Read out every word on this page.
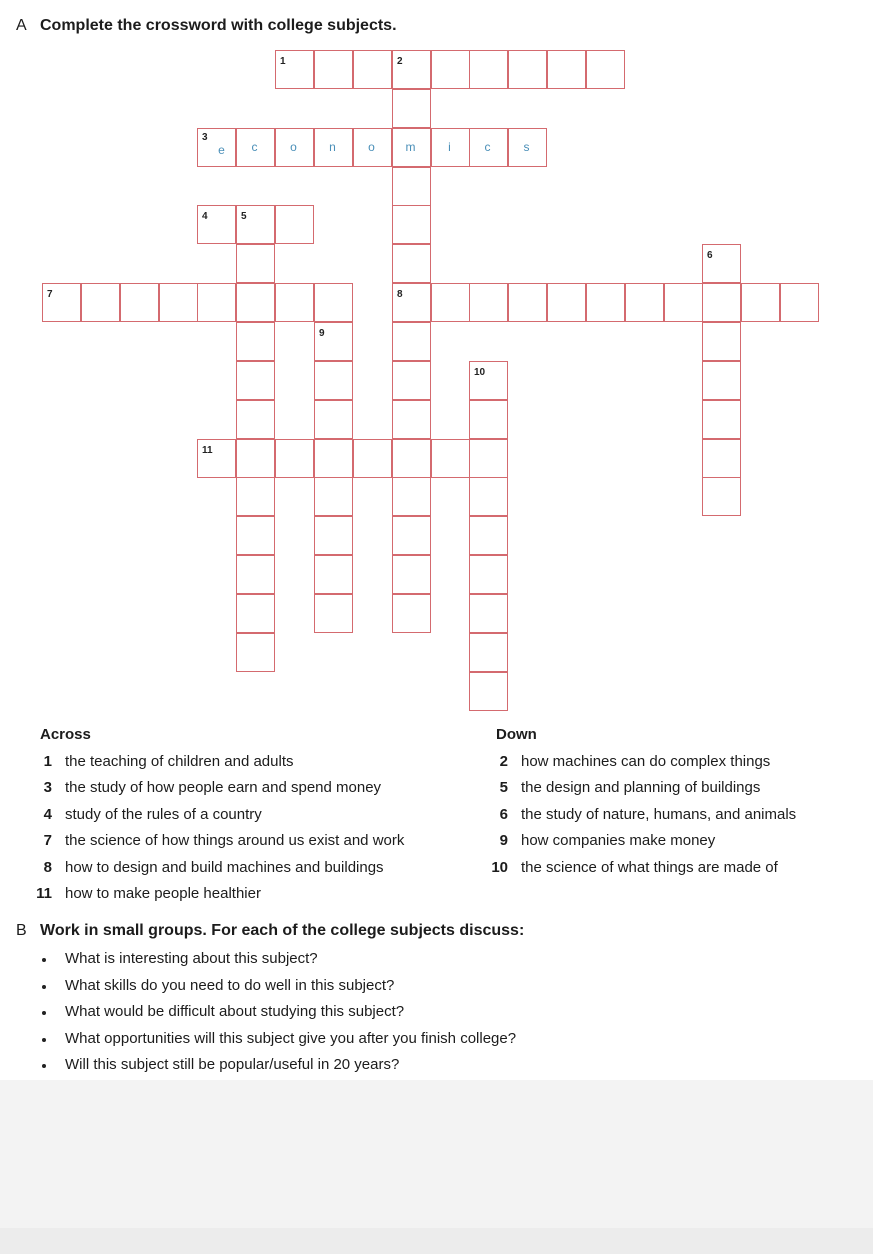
A Complete the crossword with college subjects.
1	2
3
4	5
6
7	8
9
10
11
e	c	o	n	o	m	i	c	s
Across
1 the teaching of children and adults
3 the study of how people earn and spend money
4 study of the rules of a country
7 the science of how things around us exist and work
8 how to design and build machines and buildings
11 how to make people healthier
Down
2 how machines can do complex things
5 the design and planning of buildings
6 the study of nature, humans, and animals
9 how companies make money
10 the science of what things are made of
B Work in small groups. For each of the college subjects discuss:
What is interesting about this subject?
What skills do you need to do well in this subject?
What would be difficult about studying this subject?
What opportunities will this subject give you after you finish college?
Will this subject still be popular/useful in 20 years?
